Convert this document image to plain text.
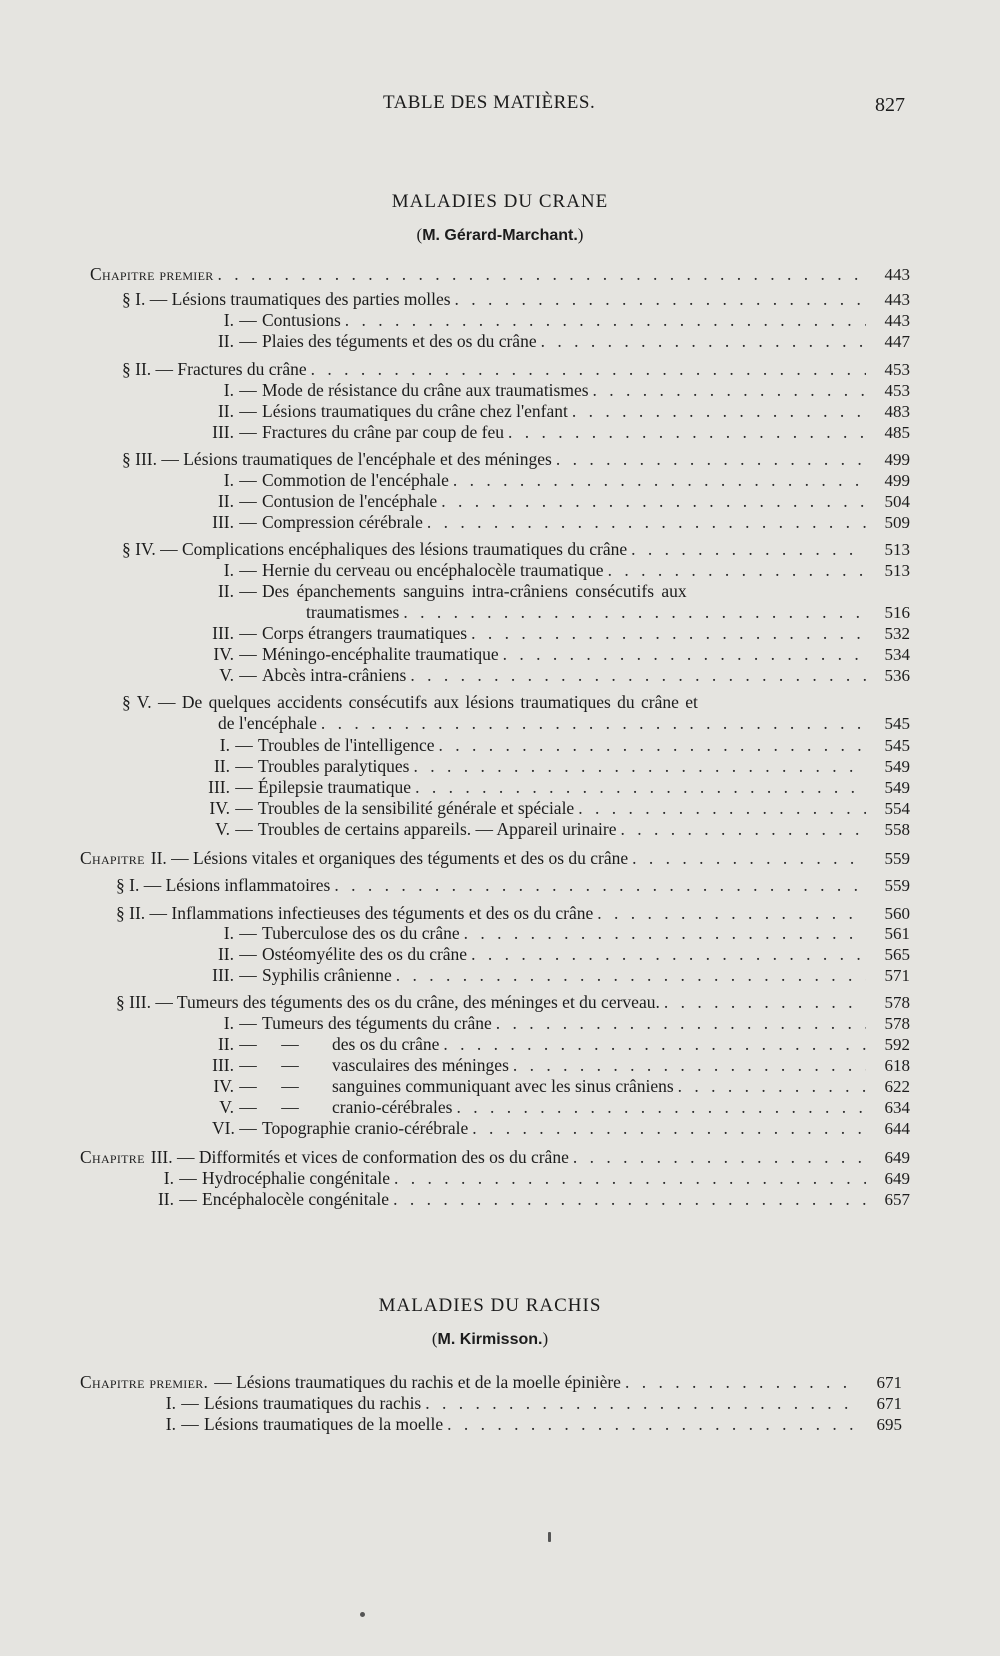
TABLE DES MATIÈRES.	827
MALADIES DU CRANE
(M. Gérard-Marchant.)
Chapitre premier . . .	443
§ I. — Lésions traumatiques des parties molles . . .	443
I. — Contusions . . .	443
II. — Plaies des téguments et des os du crâne . . .	447
§ II. — Fractures du crâne . . .	453
I. — Mode de résistance du crâne aux traumatismes . . .	453
II. — Lésions traumatiques du crâne chez l'enfant . . .	483
III. — Fractures du crâne par coup de feu . . .	485
§ III. — Lésions traumatiques de l'encéphale et des méninges . . .	499
I. — Commotion de l'encéphale . . .	499
II. — Contusion de l'encéphale . . .	504
III. — Compression cérébrale . . .	509
§ IV. — Complications encéphaliques des lésions traumatiques du crâne . . .	513
I. — Hernie du cerveau ou encéphalocèle traumatique . . .	513
II. — Des épanchements sanguins intra-crâniens consécutifs aux
traumatismes . . .	516
III. — Corps étrangers traumatiques . . .	532
IV. — Méningo-encéphalite traumatique . . .	534
V. — Abcès intra-crâniens . . .	536
§ V. — De quelques accidents consécutifs aux lésions traumatiques du crâne et
de l'encéphale . . .	545
I. — Troubles de l'intelligence . . .	545
II. — Troubles paralytiques . . .	549
III. — Épilepsie traumatique . . .	549
IV. — Troubles de la sensibilité générale et spéciale . . .	554
V. — Troubles de certains appareils. — Appareil urinaire . . .	558
Chapitre II. — Lésions vitales et organiques des téguments et des os du crâne . . .	559
§ I. — Lésions inflammatoires . . .	559
§ II. — Inflammations infectieuses des téguments et des os du crâne . . .	560
I. — Tuberculose des os du crâne . . .	561
II. — Ostéomyélite des os du crâne . . .	565
III. — Syphilis crânienne . . .	571
§ III. — Tumeurs des téguments des os du crâne, des méninges et du cerveau. . . .	578
I. — Tumeurs des téguments du crâne . . .	578
II. —	—	des os du crâne . . .	592
III. —	—	vasculaires des méninges . . .	618
IV. —	—	sanguines communiquant avec les sinus crâniens . . .	622
V. —	—	cranio-cérébrales . . .	634
VI. — Topographie cranio-cérébrale . . .	644
Chapitre III. — Difformités et vices de conformation des os du crâne . . .	649
I. — Hydrocéphalie congénitale . . .	649
II. — Encéphalocèle congénitale . . .	657
MALADIES DU RACHIS
(M. Kirmisson.)
Chapitre premier. — Lésions traumatiques du rachis et de la moelle épinière . . .	671
I. — Lésions traumatiques du rachis . . .	671
I. — Lésions traumatiques de la moelle . . .	695
